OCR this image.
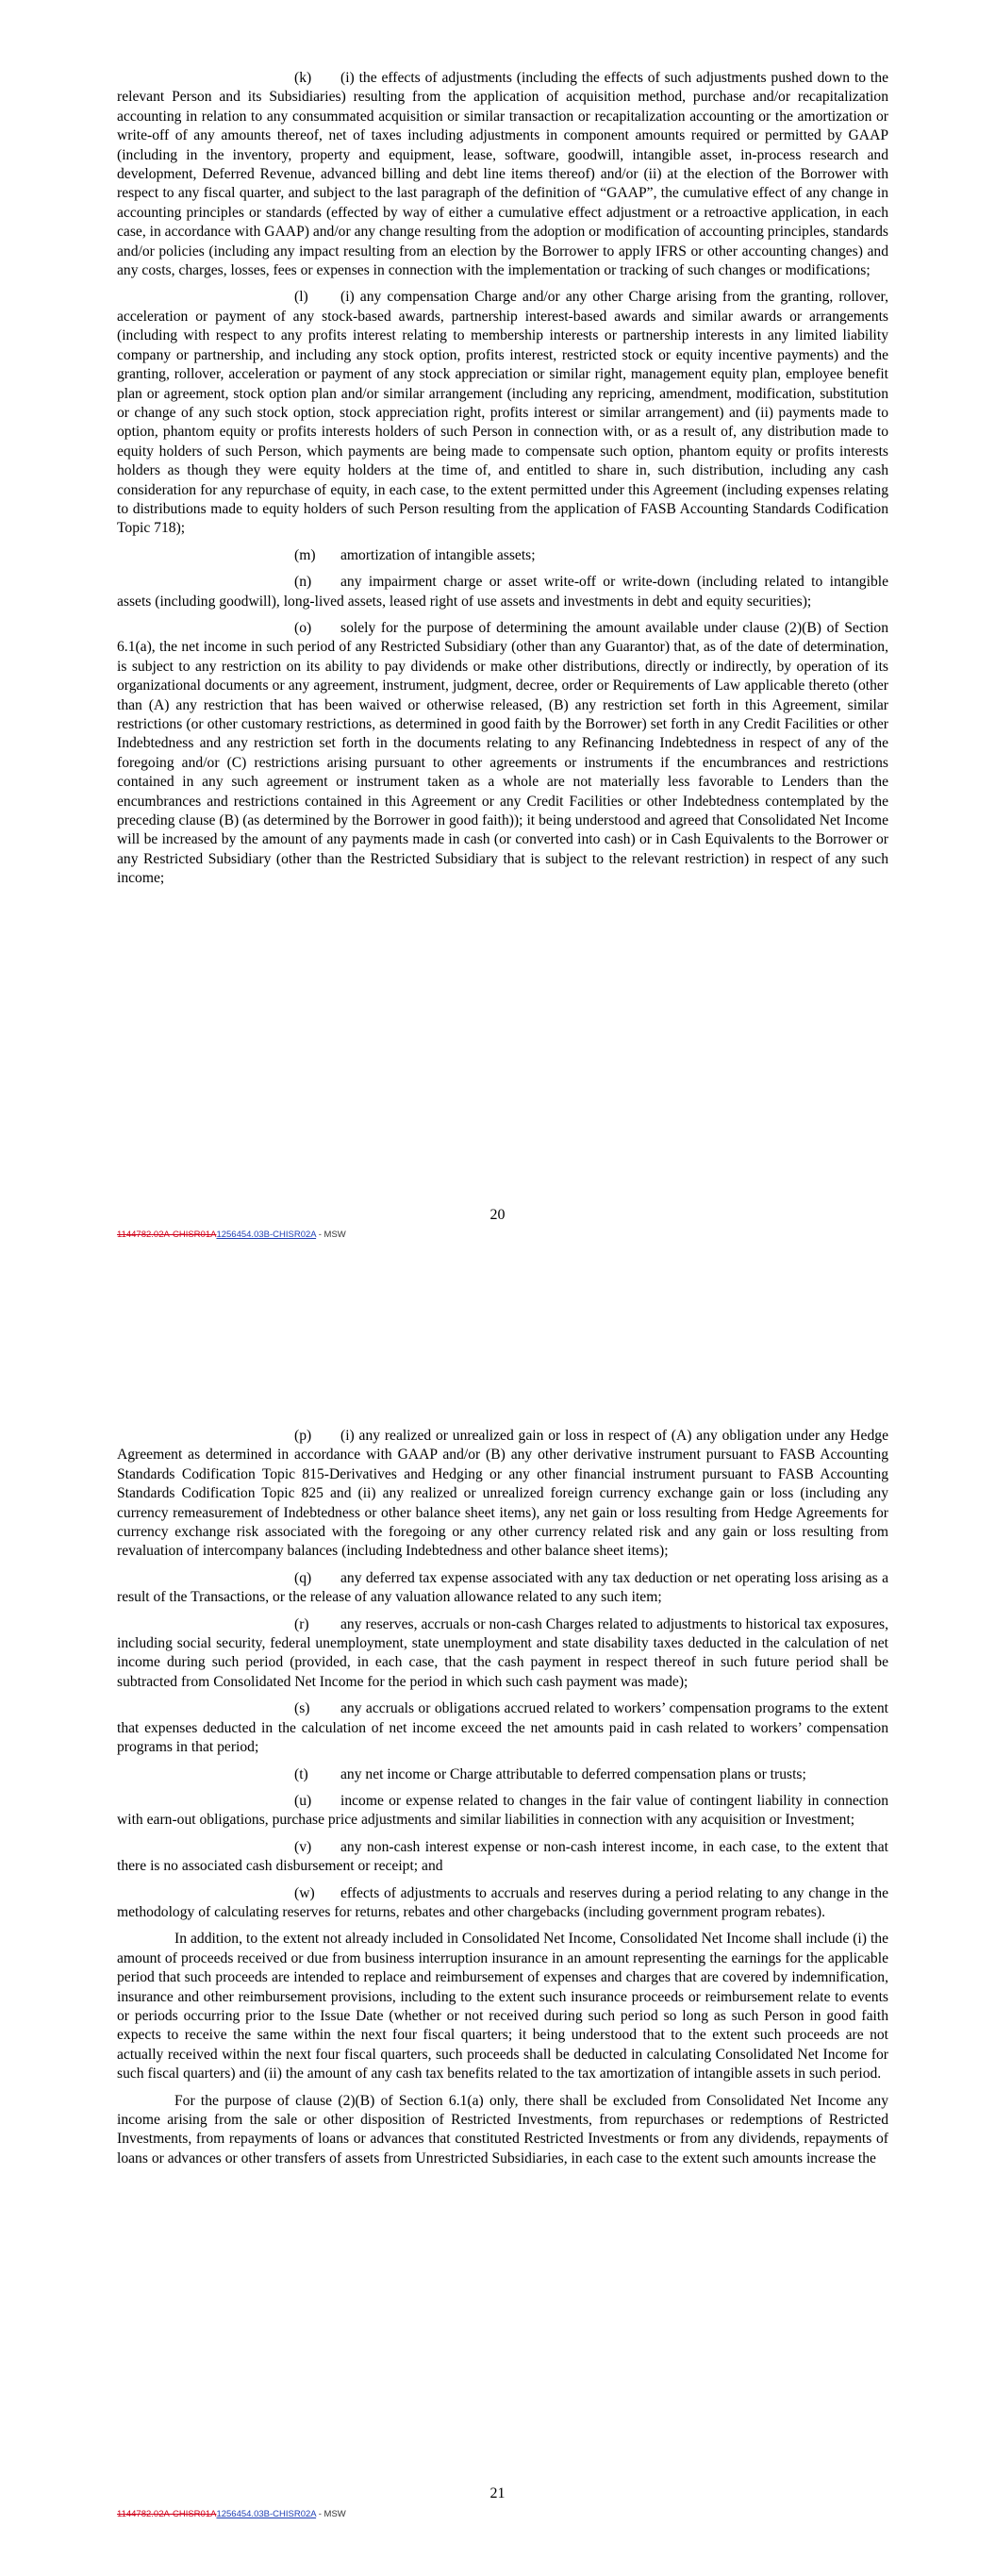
(k) (i) the effects of adjustments (including the effects of such adjustments pushed down to the relevant Person and its Subsidiaries) resulting from the application of acquisition method, purchase and/or recapitalization accounting in relation to any consummated acquisition or similar transaction or recapitalization accounting or the amortization or write-off of any amounts thereof, net of taxes including adjustments in component amounts required or permitted by GAAP (including in the inventory, property and equipment, lease, software, goodwill, intangible asset, in-process research and development, Deferred Revenue, advanced billing and debt line items thereof) and/or (ii) at the election of the Borrower with respect to any fiscal quarter, and subject to the last paragraph of the definition of “GAAP”, the cumulative effect of any change in accounting principles or standards (effected by way of either a cumulative effect adjustment or a retroactive application, in each case, in accordance with GAAP) and/or any change resulting from the adoption or modification of accounting principles, standards and/or policies (including any impact resulting from an election by the Borrower to apply IFRS or other accounting changes) and any costs, charges, losses, fees or expenses in connection with the implementation or tracking of such changes or modifications;

(l) (i) any compensation Charge and/or any other Charge arising from the granting, rollover, acceleration or payment of any stock-based awards, partnership interest-based awards and similar awards or arrangements (including with respect to any profits interest relating to membership interests or partnership interests in any limited liability company or partnership, and including any stock option, profits interest, restricted stock or equity incentive payments) and the granting, rollover, acceleration or payment of any stock appreciation or similar right, management equity plan, employee benefit plan or agreement, stock option plan and/or similar arrangement (including any repricing, amendment, modification, substitution or change of any such stock option, stock appreciation right, profits interest or similar arrangement) and (ii) payments made to option, phantom equity or profits interests holders of such Person in connection with, or as a result of, any distribution made to equity holders of such Person, which payments are being made to compensate such option, phantom equity or profits interests holders as though they were equity holders at the time of, and entitled to share in, such distribution, including any cash consideration for any repurchase of equity, in each case, to the extent permitted under this Agreement (including expenses relating to distributions made to equity holders of such Person resulting from the application of FASB Accounting Standards Codification Topic 718);

(m) amortization of intangible assets;

(n) any impairment charge or asset write-off or write-down (including related to intangible assets (including goodwill), long-lived assets, leased right of use assets and investments in debt and equity securities);

(o) solely for the purpose of determining the amount available under clause (2)(B) of Section 6.1(a), the net income in such period of any Restricted Subsidiary (other than any Guarantor) that, as of the date of determination, is subject to any restriction on its ability to pay dividends or make other distributions, directly or indirectly, by operation of its organizational documents or any agreement, instrument, judgment, decree, order or Requirements of Law applicable thereto (other than (A) any restriction that has been waived or otherwise released, (B) any restriction set forth in this Agreement, similar restrictions (or other customary restrictions, as determined in good faith by the Borrower) set forth in any Credit Facilities or other Indebtedness and any restriction set forth in the documents relating to any Refinancing Indebtedness in respect of any of the foregoing and/or (C) restrictions arising pursuant to other agreements or instruments if the encumbrances and restrictions contained in any such agreement or instrument taken as a whole are not materially less favorable to Lenders than the encumbrances and restrictions contained in this Agreement or any Credit Facilities or other Indebtedness contemplated by the preceding clause (B) (as determined by the Borrower in good faith)); it being understood and agreed that Consolidated Net Income will be increased by the amount of any payments made in cash (or converted into cash) or in Cash Equivalents to the Borrower or any Restricted Subsidiary (other than the Restricted Subsidiary that is subject to the relevant restriction) in respect of any such income;

20
1144782.02A-CHISR01A1256454.03B-CHISR02A - MSW

(p) (i) any realized or unrealized gain or loss in respect of (A) any obligation under any Hedge Agreement as determined in accordance with GAAP and/or (B) any other derivative instrument pursuant to FASB Accounting Standards Codification Topic 815-Derivatives and Hedging or any other financial instrument pursuant to FASB Accounting Standards Codification Topic 825 and (ii) any realized or unrealized foreign currency exchange gain or loss (including any currency remeasurement of Indebtedness or other balance sheet items), any net gain or loss resulting from Hedge Agreements for currency exchange risk associated with the foregoing or any other currency related risk and any gain or loss resulting from revaluation of intercompany balances (including Indebtedness and other balance sheet items);

(q) any deferred tax expense associated with any tax deduction or net operating loss arising as a result of the Transactions, or the release of any valuation allowance related to any such item;

(r) any reserves, accruals or non-cash Charges related to adjustments to historical tax exposures, including social security, federal unemployment, state unemployment and state disability taxes deducted in the calculation of net income during such period (provided, in each case, that the cash payment in respect thereof in such future period shall be subtracted from Consolidated Net Income for the period in which such cash payment was made);

(s) any accruals or obligations accrued related to workers’ compensation programs to the extent that expenses deducted in the calculation of net income exceed the net amounts paid in cash related to workers’ compensation programs in that period;

(t) any net income or Charge attributable to deferred compensation plans or trusts;

(u) income or expense related to changes in the fair value of contingent liability in connection with earn-out obligations, purchase price adjustments and similar liabilities in connection with any acquisition or Investment;

(v) any non-cash interest expense or non-cash interest income, in each case, to the extent that there is no associated cash disbursement or receipt; and

(w) effects of adjustments to accruals and reserves during a period relating to any change in the methodology of calculating reserves for returns, rebates and other chargebacks (including government program rebates).

In addition, to the extent not already included in Consolidated Net Income, Consolidated Net Income shall include (i) the amount of proceeds received or due from business interruption insurance in an amount representing the earnings for the applicable period that such proceeds are intended to replace and reimbursement of expenses and charges that are covered by indemnification, insurance and other reimbursement provisions, including to the extent such insurance proceeds or reimbursement relate to events or periods occurring prior to the Issue Date (whether or not received during such period so long as such Person in good faith expects to receive the same within the next four fiscal quarters; it being understood that to the extent such proceeds are not actually received within the next four fiscal quarters, such proceeds shall be deducted in calculating Consolidated Net Income for such fiscal quarters) and (ii) the amount of any cash tax benefits related to the tax amortization of intangible assets in such period.

For the purpose of clause (2)(B) of Section 6.1(a) only, there shall be excluded from Consolidated Net Income any income arising from the sale or other disposition of Restricted Investments, from repurchases or redemptions of Restricted Investments, from repayments of loans or advances that constituted Restricted Investments or from any dividends, repayments of loans or advances or other transfers of assets from Unrestricted Subsidiaries, in each case to the extent such amounts increase the

21
1144782.02A-CHISR01A1256454.03B-CHISR02A - MSW
